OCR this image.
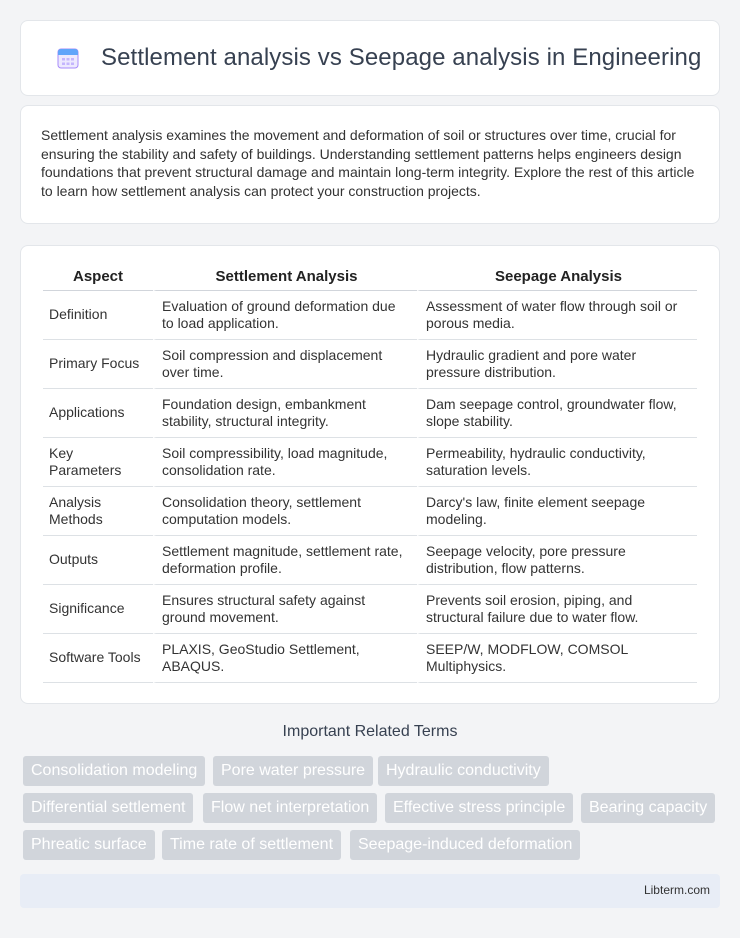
Settlement analysis vs Seepage analysis in Engineering

Settlement analysis examines the movement and deformation of soil or structures over time, crucial for ensuring the stability and safety of buildings. Understanding settlement patterns helps engineers design foundations that prevent structural damage and maintain long-term integrity. Explore the rest of this article to learn how settlement analysis can protect your construction projects.

Aspect	Settlement Analysis	Seepage Analysis
Definition	Evaluation of ground deformation due to load application.	Assessment of water flow through soil or porous media.
Primary Focus	Soil compression and displacement over time.	Hydraulic gradient and pore water pressure distribution.
Applications	Foundation design, embankment stability, structural integrity.	Dam seepage control, groundwater flow, slope stability.
Key Parameters	Soil compressibility, load magnitude, consolidation rate.	Permeability, hydraulic conductivity, saturation levels.
Analysis Methods	Consolidation theory, settlement computation models.	Darcy's law, finite element seepage modeling.
Outputs	Settlement magnitude, settlement rate, deformation profile.	Seepage velocity, pore pressure distribution, flow patterns.
Significance	Ensures structural safety against ground movement.	Prevents soil erosion, piping, and structural failure due to water flow.
Software Tools	PLAXIS, GeoStudio Settlement, ABAQUS.	SEEP/W, MODFLOW, COMSOL Multiphysics.
Important Related Terms
Consolidation modeling	Pore water pressure	Hydraulic conductivity
Differential settlement	Flow net interpretation	Effective stress principle	Bearing capacity
Phreatic surface	Time rate of settlement	Seepage-induced deformation
Libterm.com
